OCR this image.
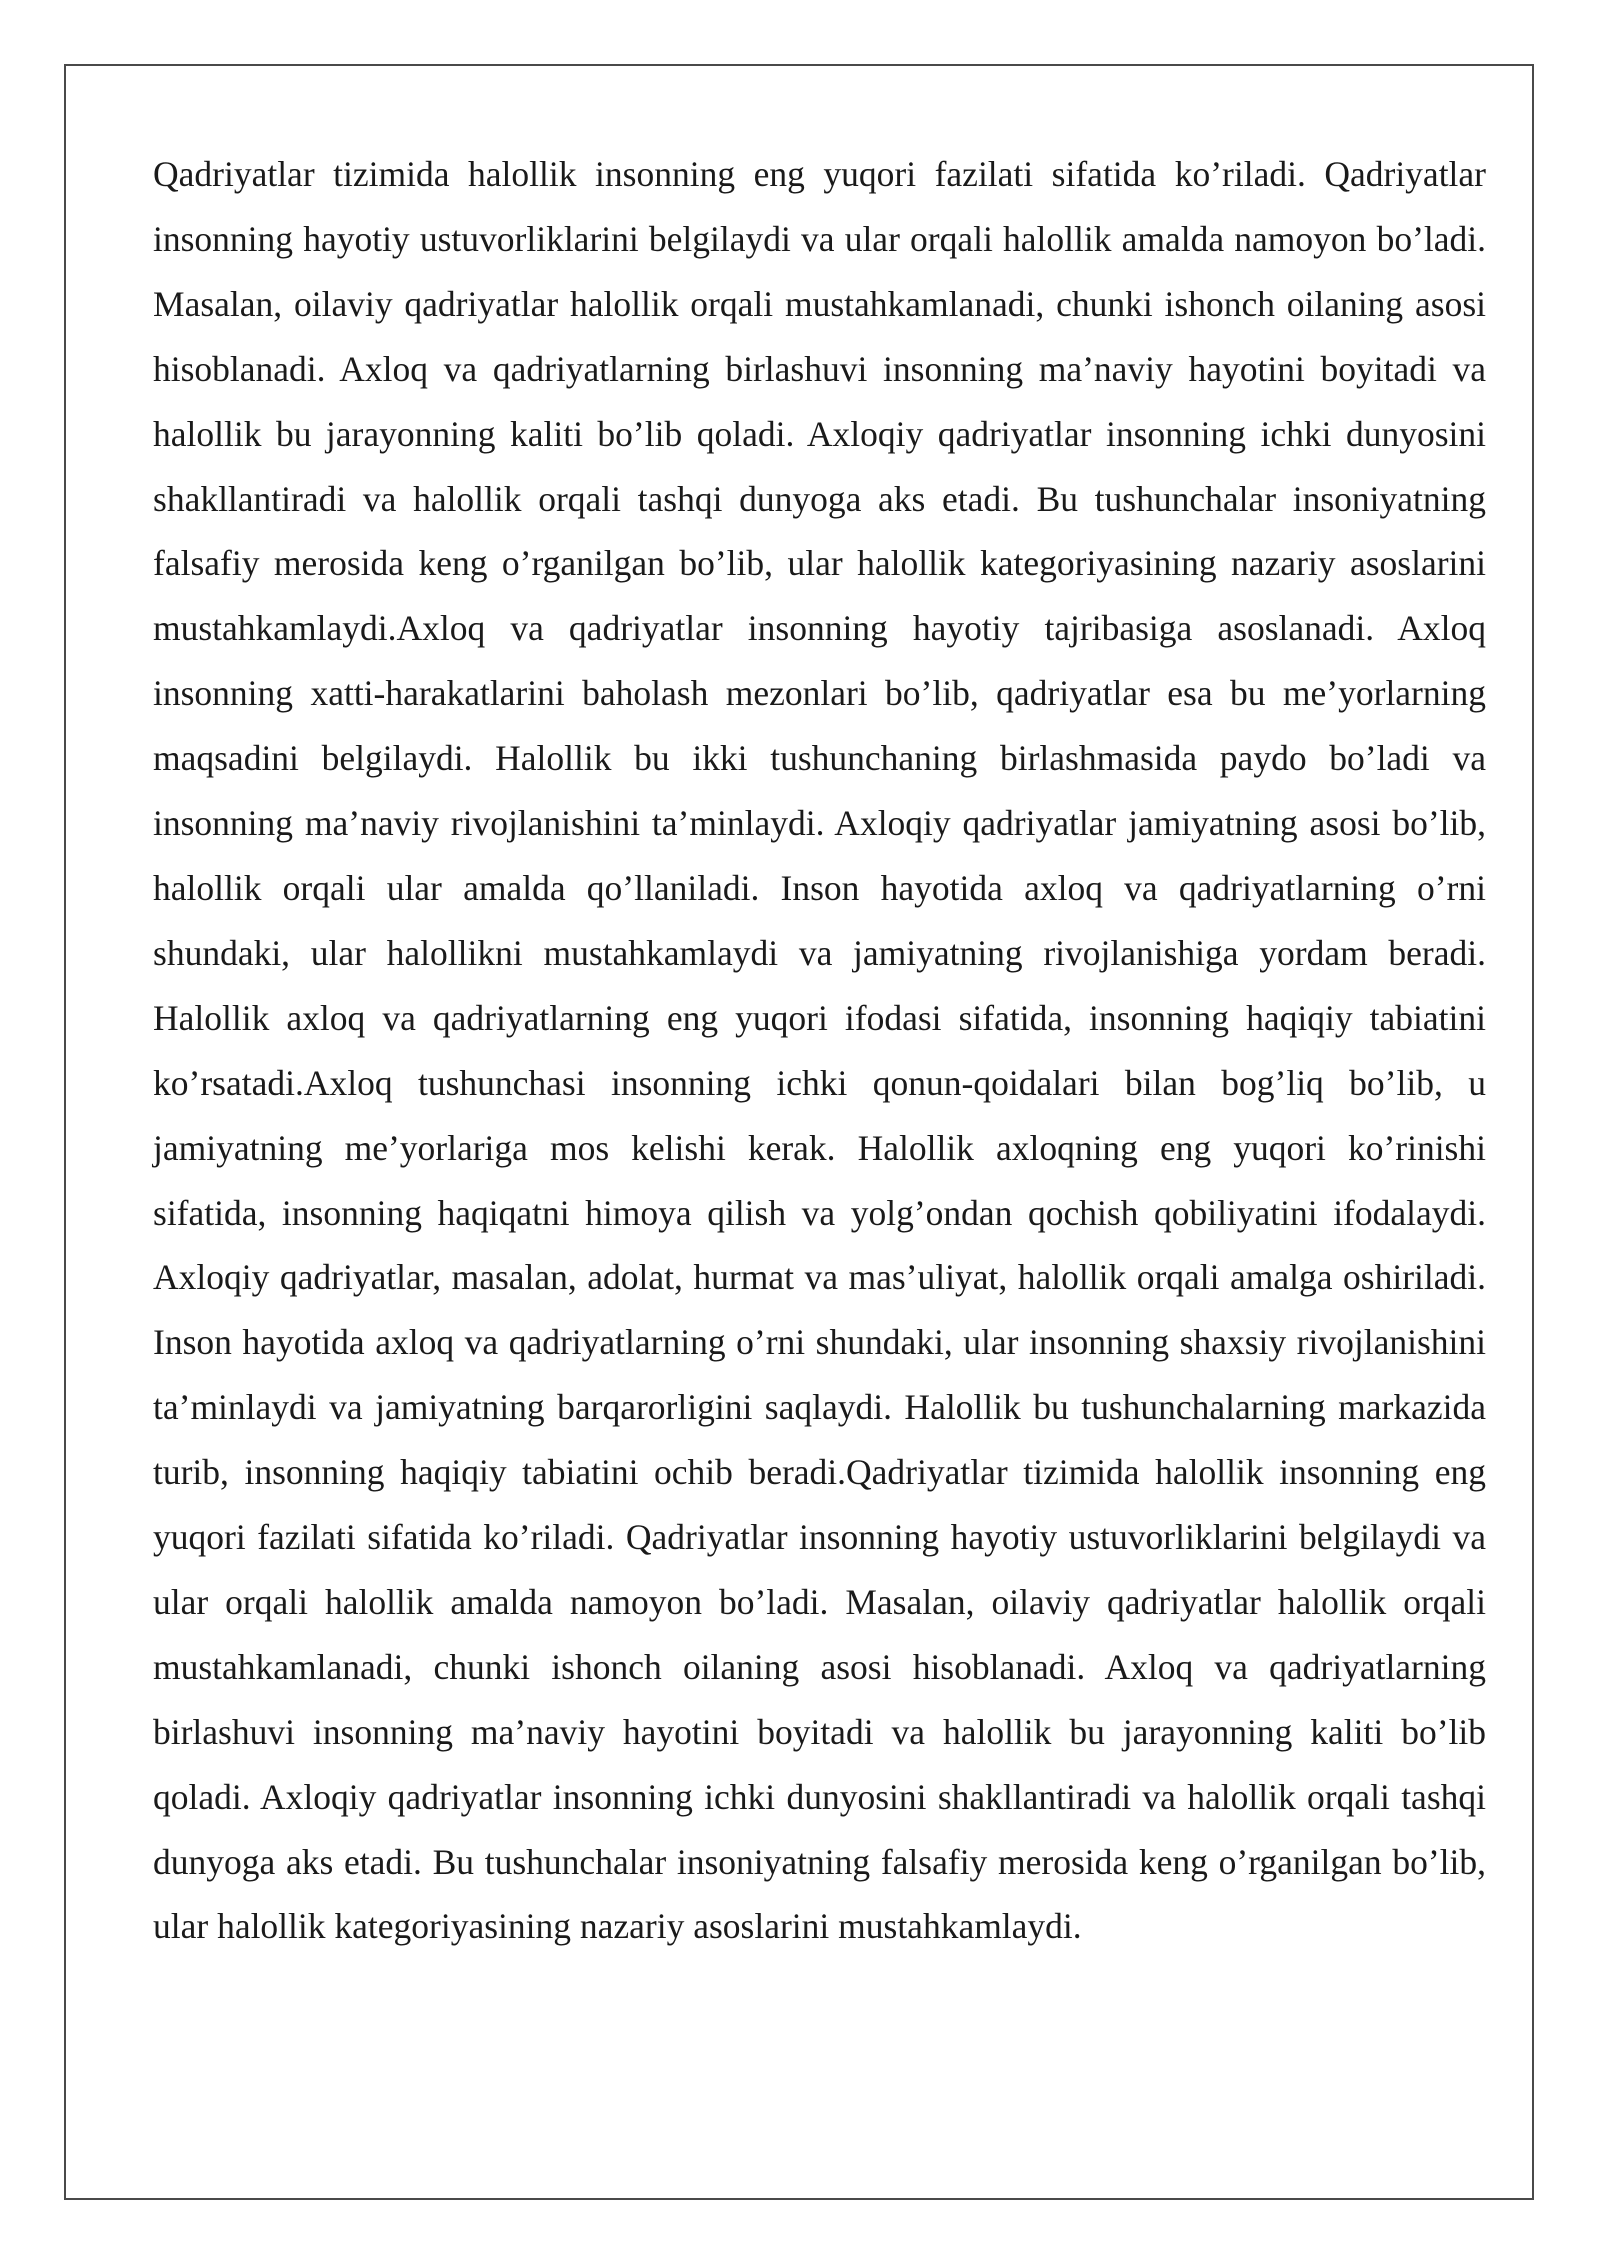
Qadriyatlar tizimida halollik insonning eng yuqori fazilati sifatida ko’riladi. Qadriyatlar insonning hayotiy ustuvorliklarini belgilaydi va ular orqali halollik amalda namoyon bo’ladi. Masalan, oilaviy qadriyatlar halollik orqali mustahkamlanadi, chunki ishonch oilaning asosi hisoblanadi. Axloq va qadriyatlarning birlashuvi insonning ma’naviy hayotini boyitadi va halollik bu jarayonning kaliti bo’lib qoladi. Axloqiy qadriyatlar insonning ichki dunyosini shakllantiradi va halollik orqali tashqi dunyoga aks etadi. Bu tushunchalar insoniyatning falsafiy merosida keng o’rganilgan bo’lib, ular halollik kategoriyasining nazariy asoslarini mustahkamlaydi.Axloq va qadriyatlar insonning hayotiy tajribasiga asoslanadi. Axloq insonning xatti-harakatlarini baholash mezonlari bo’lib, qadriyatlar esa bu me’yorlarning maqsadini belgilaydi. Halollik bu ikki tushunchaning birlashmasida paydo bo’ladi va insonning ma’naviy rivojlanishini ta’minlaydi. Axloqiy qadriyatlar jamiyatning asosi bo’lib, halollik orqali ular amalda qo’llaniladi. Inson hayotida axloq va qadriyatlarning o’rni shundaki, ular halollikni mustahkamlaydi va jamiyatning rivojlanishiga yordam beradi. Halollik axloq va qadriyatlarning eng yuqori ifodasi sifatida, insonning haqiqiy tabiatini ko’rsatadi.Axloq tushunchasi insonning ichki qonun-qoidalari bilan bog’liq bo’lib, u jamiyatning me’yorlariga mos kelishi kerak. Halollik axloqning eng yuqori ko’rinishi sifatida, insonning haqiqatni himoya qilish va yolg’ondan qochish qobiliyatini ifodalaydi. Axloqiy qadriyatlar, masalan, adolat, hurmat va mas’uliyat, halollik orqali amalga oshiriladi. Inson hayotida axloq va qadriyatlarning o’rni shundaki, ular insonning shaxsiy rivojlanishini ta’minlaydi va jamiyatning barqarorligini saqlaydi. Halollik bu tushunchalarning markazida turib, insonning haqiqiy tabiatini ochib beradi.Qadriyatlar tizimida halollik insonning eng yuqori fazilati sifatida ko’riladi. Qadriyatlar insonning hayotiy ustuvorliklarini belgilaydi va ular orqali halollik amalda namoyon bo’ladi. Masalan, oilaviy qadriyatlar halollik orqali mustahkamlanadi, chunki ishonch oilaning asosi hisoblanadi. Axloq va qadriyatlarning birlashuvi insonning ma’naviy hayotini boyitadi va halollik bu jarayonning kaliti bo’lib qoladi. Axloqiy qadriyatlar insonning ichki dunyosini shakllantiradi va halollik orqali tashqi dunyoga aks etadi. Bu tushunchalar insoniyatning falsafiy merosida keng o’rganilgan bo’lib, ular halollik kategoriyasining nazariy asoslarini mustahkamlaydi.
